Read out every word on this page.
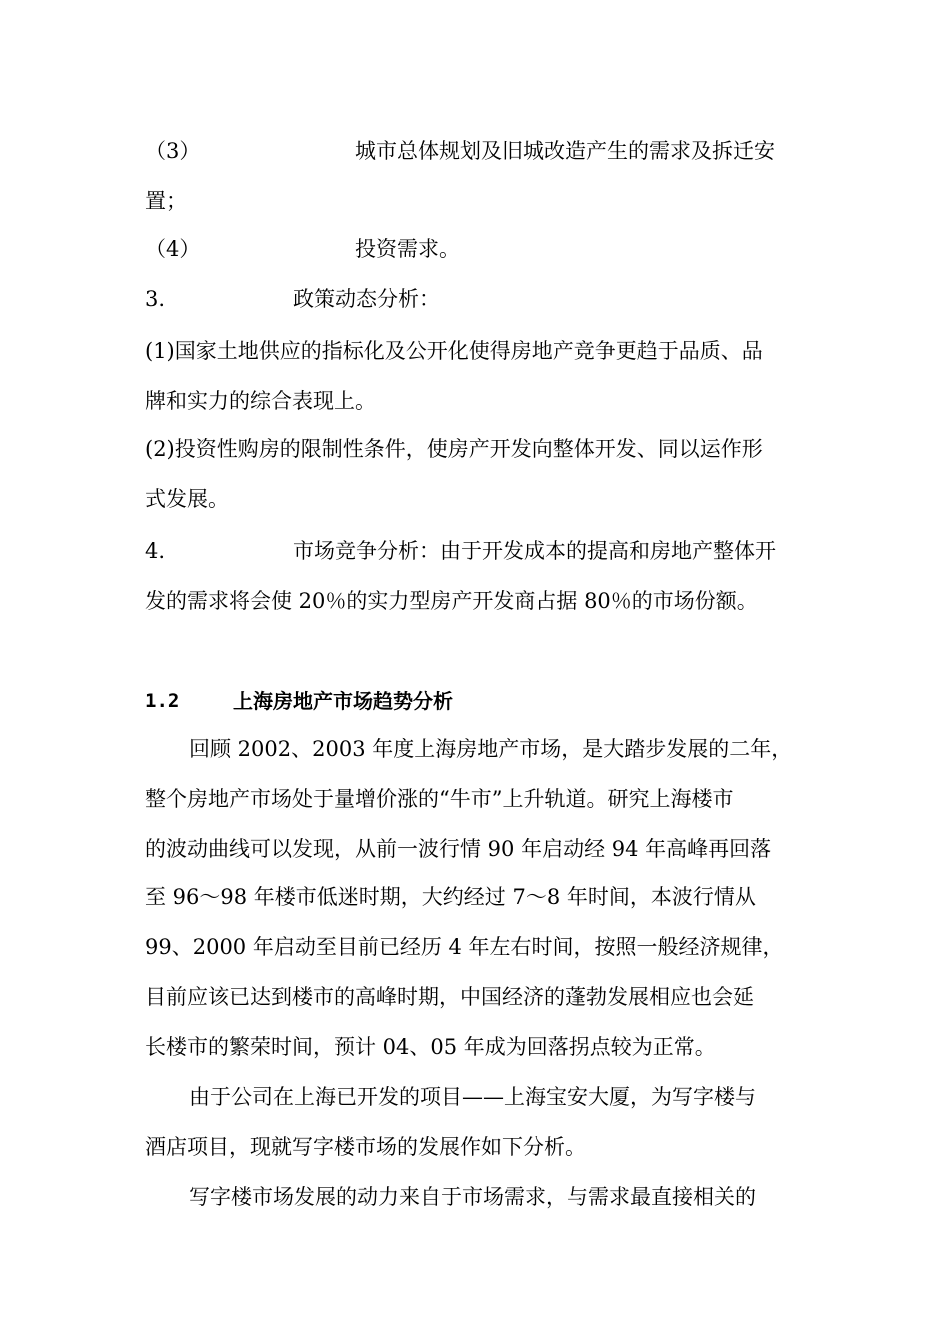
（3）	城市总体规划及旧城改造产生的需求及拆迁安
置；
（4）	投资需求。
3.	政策动态分析：
(1)国家土地供应的指标化及公开化使得房地产竞争更趋于品质、品
牌和实力的综合表现上。
(2)投资性购房的限制性条件，使房产开发向整体开发、同以运作形
式发展。
4.	市场竞争分析：由于开发成本的提高和房地产整体开
发的需求将会使 20％的实力型房产开发商占据 80％的市场份额。
1.2	上海房地产市场趋势分析
回顾 2002、2003 年度上海房地产市场，是大踏步发展的二年，
整个房地产市场处于量增价涨的“牛市”上升轨道。研究上海楼市
的波动曲线可以发现，从前一波行情 90 年启动经 94 年高峰再回落
至 96～98 年楼市低迷时期，大约经过 7～8 年时间，本波行情从
99、2000 年启动至目前已经历 4 年左右时间，按照一般经济规律，
目前应该已达到楼市的高峰时期，中国经济的蓬勃发展相应也会延
长楼市的繁荣时间，预计 04、05 年成为回落拐点较为正常。
由于公司在上海已开发的项目——上海宝安大厦，为写字楼与
酒店项目，现就写字楼市场的发展作如下分析。
写字楼市场发展的动力来自于市场需求，与需求最直接相关的
